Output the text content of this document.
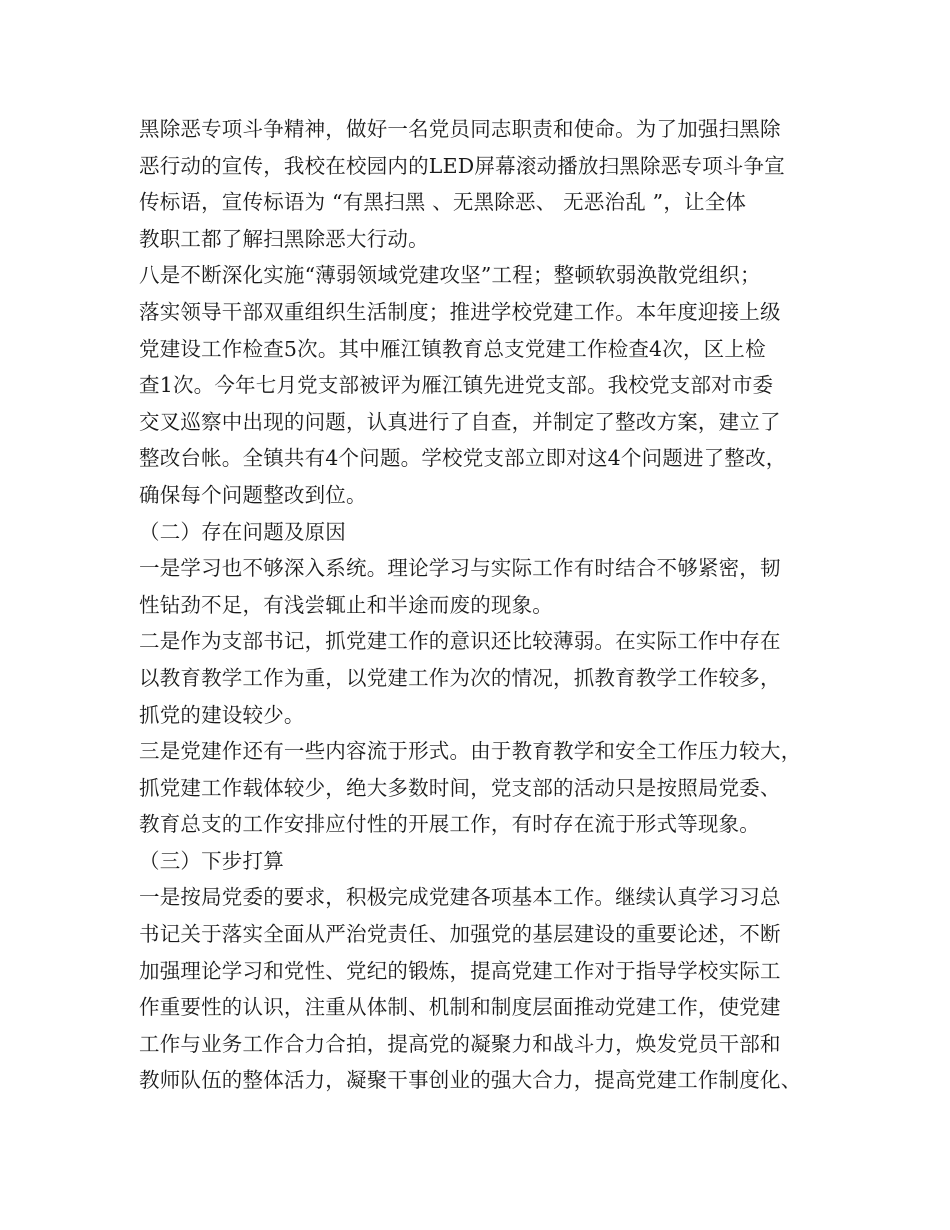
黑除恶专项斗争精神，做好一名党员同志职责和使命。为了加强扫黑除
恶行动的宣传，我校在校园内的LED屏幕滚动播放扫黑除恶专项斗争宣
传标语，宣传标语为 “有黑扫黑 、无黑除恶、 无恶治乱 ”，让全体
教职工都了解扫黑除恶大行动。
八是不断深化实施“薄弱领域党建攻坚”工程；整顿软弱涣散党组织；
落实领导干部双重组织生活制度；推进学校党建工作。本年度迎接上级
党建设工作检查5次。其中雁江镇教育总支党建工作检查4次，区上检
查1次。今年七月党支部被评为雁江镇先进党支部。我校党支部对市委
交叉巡察中出现的问题，认真进行了自查，并制定了整改方案，建立了
整改台帐。全镇共有4个问题。学校党支部立即对这4个问题进了整改，
确保每个问题整改到位。
（二）存在问题及原因
一是学习也不够深入系统。理论学习与实际工作有时结合不够紧密，韧
性钻劲不足，有浅尝辄止和半途而废的现象。
二是作为支部书记，抓党建工作的意识还比较薄弱。在实际工作中存在
以教育教学工作为重，以党建工作为次的情况，抓教育教学工作较多，
抓党的建设较少。
三是党建作还有一些内容流于形式。由于教育教学和安全工作压力较大，
抓党建工作载体较少，绝大多数时间，党支部的活动只是按照局党委、
教育总支的工作安排应付性的开展工作，有时存在流于形式等现象。
（三）下步打算
一是按局党委的要求，积极完成党建各项基本工作。继续认真学习习总
书记关于落实全面从严治党责任、加强党的基层建设的重要论述，不断
加强理论学习和党性、党纪的锻炼，提高党建工作对于指导学校实际工
作重要性的认识，注重从体制、机制和制度层面推动党建工作，使党建
工作与业务工作合力合拍，提高党的凝聚力和战斗力，焕发党员干部和
教师队伍的整体活力，凝聚干事创业的强大合力，提高党建工作制度化、
